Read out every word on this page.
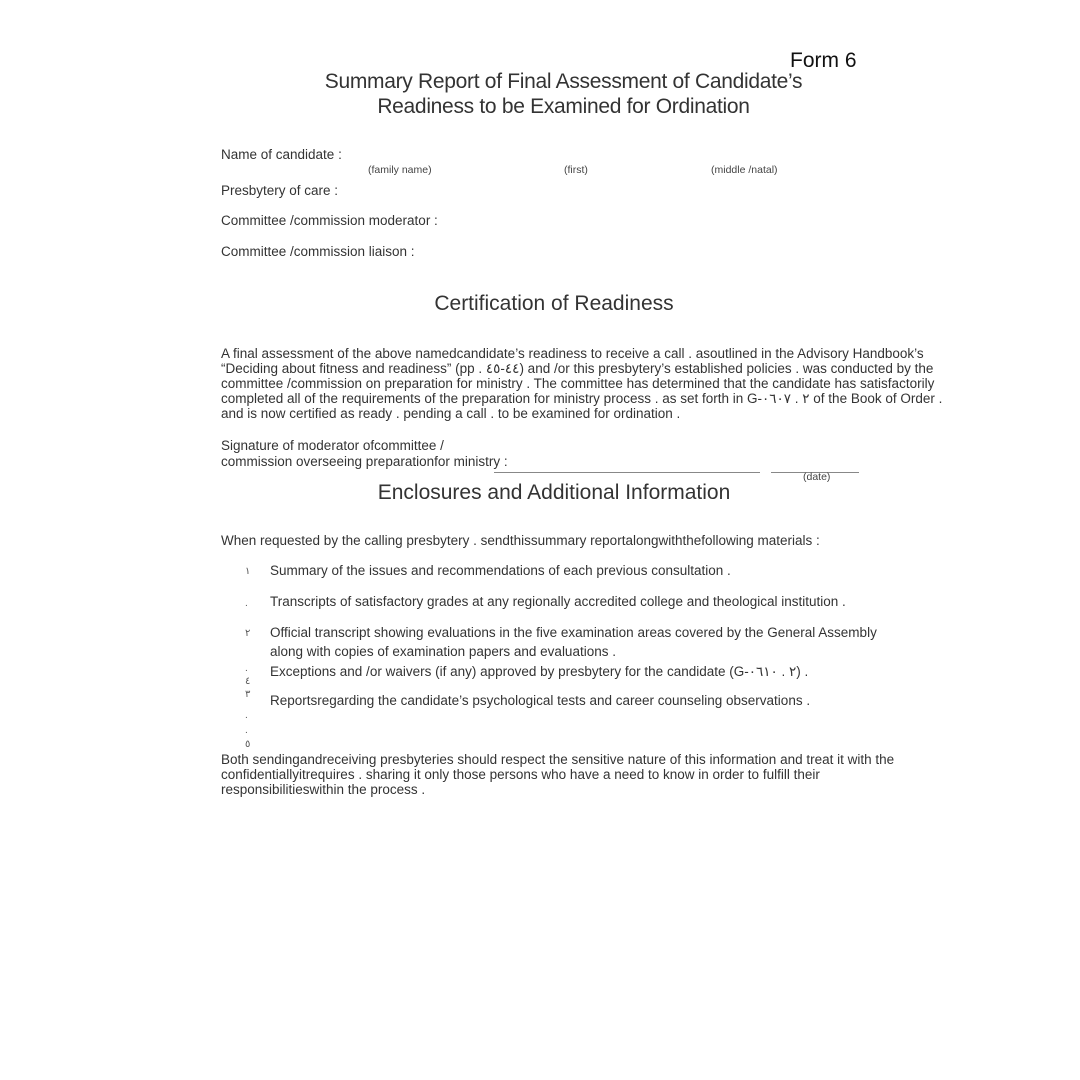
Form 6
Summary Report of Final Assessment of Candidate’s
Readiness to be Examined for Ordination
Name of candidate :
(family name)	(first)	(middle /natal)
Presbytery of care :
Committee /commission moderator :
Committee /commission liaison :
Certification of Readiness
A final assessment of the above namedcandidate’s readiness to receive a call . asoutlined in the Advisory Handbook’s “Deciding about fitness and readiness” (pp . ٤٤-٤٥) and /or this presbytery’s established policies . was conducted by the committee /commission on preparation for ministry . The committee has determined that the candidate has satisfactorily completed all of the requirements of the preparation for ministry process . as set forth in G-٢ . ٠٦٠٧ of the Book of Order . and is now certified as ready . pending a call . to be examined for ordination .
Signature of moderator ofcommittee /
commission overseeing preparationfor ministry :
(date)
Enclosures and Additional Information
When requested by the calling presbytery . sendthissummary reportalongwiththefollowing materials :
Summary of the issues and recommendations of each previous consultation .
Transcripts of satisfactory grades at any regionally accredited college and theological institution .
Official transcript showing evaluations in the five examination areas covered by the General Assembly
along with copies of examination papers and evaluations .
Exceptions and /or waivers (if any) approved by presbytery for the candidate (G-٢ . ٠٦١٠) .
Reportsregarding the candidate’s psychological tests and career counseling observations .
١
.
٢
.
٤
٣
.
.
٥
Both sendingandreceiving presbyteries should respect the sensitive nature of this information and treat it with the confidentiallyitrequires . sharing it only those persons who have a need to know in order to fulfill their responsibilitieswithin the process .
